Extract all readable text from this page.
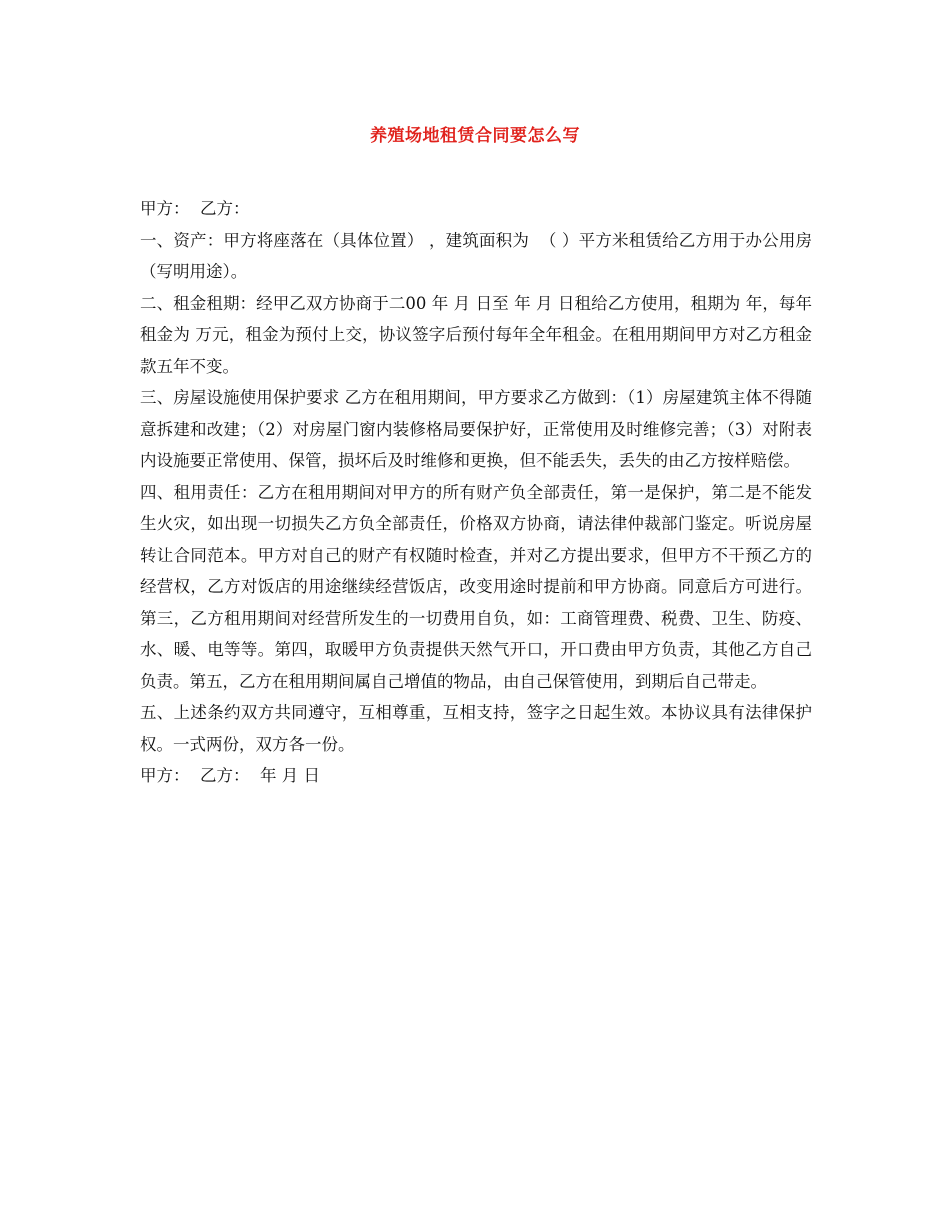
养殖场地租赁合同要怎么写

甲方：  乙方：

一、资产：甲方将座落在（具体位置） ，建筑面积为  （ ）平方米租赁给乙方用于办公用房（写明用途）。

二、租金租期：经甲乙双方协商于二00 年 月 日至 年 月 日租给乙方使用，租期为 年，每年租金为 万元，租金为预付上交，协议签字后预付每年全年租金。在租用期间甲方对乙方租金款五年不变。

三、房屋设施使用保护要求 乙方在租用期间，甲方要求乙方做到：（1）房屋建筑主体不得随意拆建和改建；（2）对房屋门窗内装修格局要保护好，正常使用及时维修完善；（3）对附表内设施要正常使用、保管，损坏后及时维修和更换，但不能丢失，丢失的由乙方按样赔偿。

四、租用责任：乙方在租用期间对甲方的所有财产负全部责任，第一是保护，第二是不能发生火灾，如出现一切损失乙方负全部责任，价格双方协商，请法律仲裁部门鉴定。听说房屋转让合同范本。甲方对自己的财产有权随时检查，并对乙方提出要求，但甲方不干预乙方的经营权，乙方对饭店的用途继续经营饭店，改变用途时提前和甲方协商。同意后方可进行。第三，乙方租用期间对经营所发生的一切费用自负，如：工商管理费、税费、卫生、防疫、水、暖、电等等。第四，取暖甲方负责提供天然气开口，开口费由甲方负责，其他乙方自己负责。第五，乙方在租用期间属自己增值的物品，由自己保管使用，到期后自己带走。

五、上述条约双方共同遵守，互相尊重，互相支持，签字之日起生效。本协议具有法律保护权。一式两份，双方各一份。

甲方：  乙方：  年 月 日
